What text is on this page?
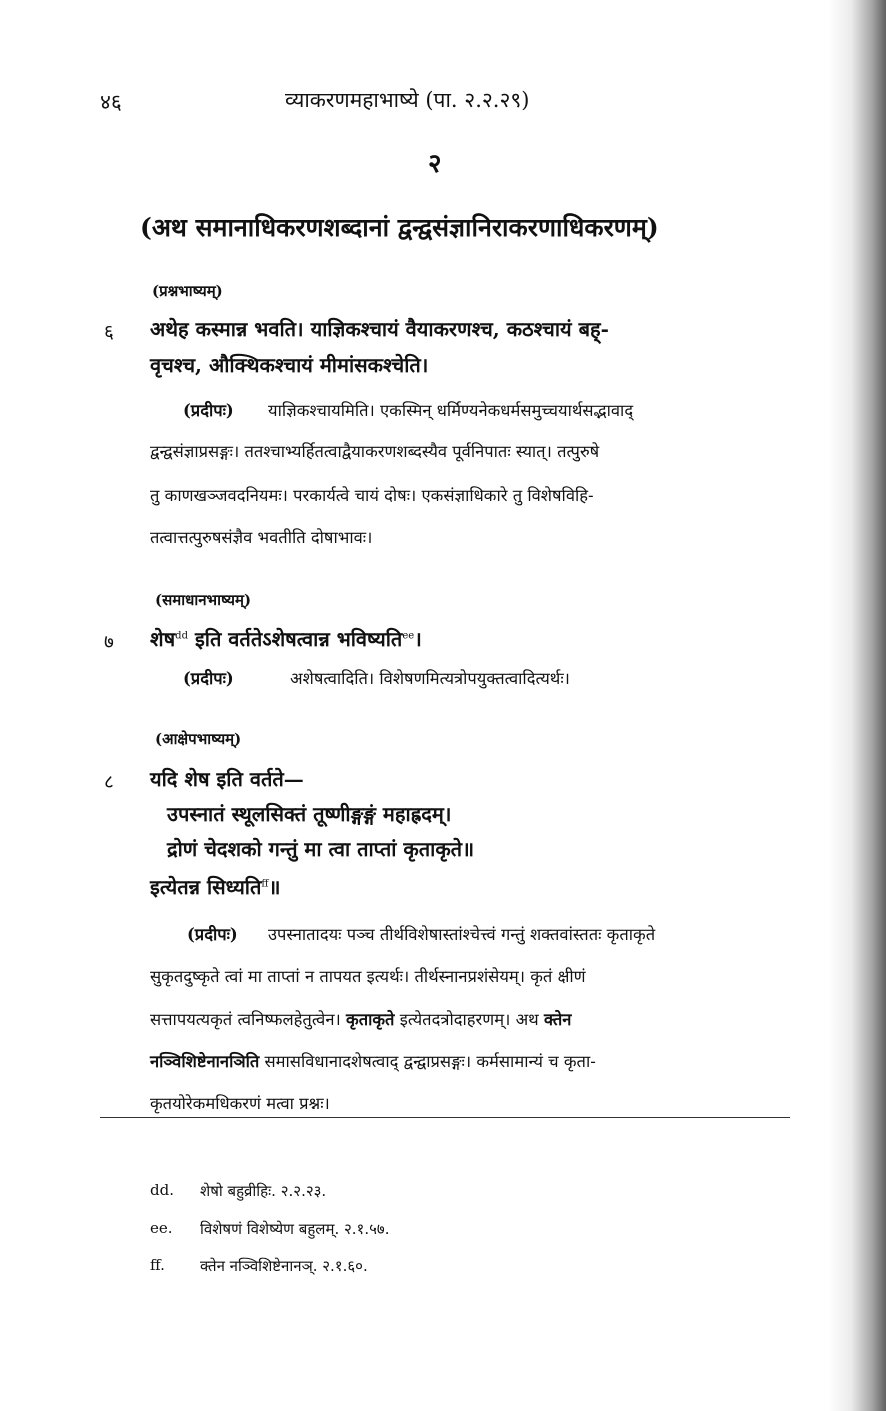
४६	व्याकरणमहाभाष्ये (पा. २.२.२९)
२
(अथ समानाधिकरणशब्दानां द्वन्द्वसंज्ञानिराकरणाधिकरणम्)
(प्रश्नभाष्यम्)
६ अथेह कस्मान्न भवति। याज्ञिकश्चायं वैयाकरणश्च, कठश्चायं बह्-
वृचश्च, औक्थिकश्चायं मीमांसकश्चेति।
(प्रदीपः) याज्ञिकश्चायमिति। एकस्मिन् धर्मिण्यनेकधर्मसमुच्चयार्थसद्भावाद्
द्वन्द्वसंज्ञाप्रसङ्गः। ततश्चाभ्यर्हितत्वाद्वैयाकरणशब्दस्यैव पूर्वनिपातः स्यात्। तत्पुरुषे
तु काणखञ्जवदनियमः। परकार्यत्वे चायं दोषः। एकसंज्ञाधिकारे तु विशेषविहि-
तत्वात्तत्पुरुषसंज्ञैव भवतीति दोषाभावः।
(समाधानभाष्यम्)
७ शेष$^{dd}$ इति वर्ततेऽशेषत्वान्न भविष्यति$^{ee}$।
(प्रदीपः)	अशेषत्वादिति। विशेषणमित्यत्रोपयुक्तत्वादित्यर्थः।
(आक्षेपभाष्यम्)
८ यदि शेष इति वर्तते—
उपस्नातं स्थूलसिक्तं तूष्णीङ्गङ्गं महाह्रदम्।
द्रोणं चेदशको गन्तुं मा त्वा ताप्तां कृताकृते॥
इत्येतन्न सिध्यति$^{ff}$॥
(प्रदीपः) उपस्नातादयः पञ्च तीर्थविशेषास्तांश्चेत्त्वं गन्तुं शक्तवांस्ततः कृताकृते
सुकृतदुष्कृते त्वां मा ताप्तां न तापयत इत्यर्थः। तीर्थस्नानप्रशंसेयम्। कृतं क्षीणं
सत्तापयत्यकृतं त्वनिष्फलहेतुत्वेन। कृताकृते इत्येतदत्रोदाहरणम्। अथ क्तेन
नञ्विशिष्टेनानञिति समासविधानादशेषत्वाद् द्वन्द्वाप्रसङ्गः। कर्मसामान्यं च कृता-
कृतयोरेकमधिकरणं मत्वा प्रश्नः।
dd. शेषो बहुव्रीहिः. २.२.२३.
ee. विशेषणं विशेष्येण बहुलम्. २.१.५७.
ff. क्तेन नञ्विशिष्टेनानञ्. २.१.६०.
